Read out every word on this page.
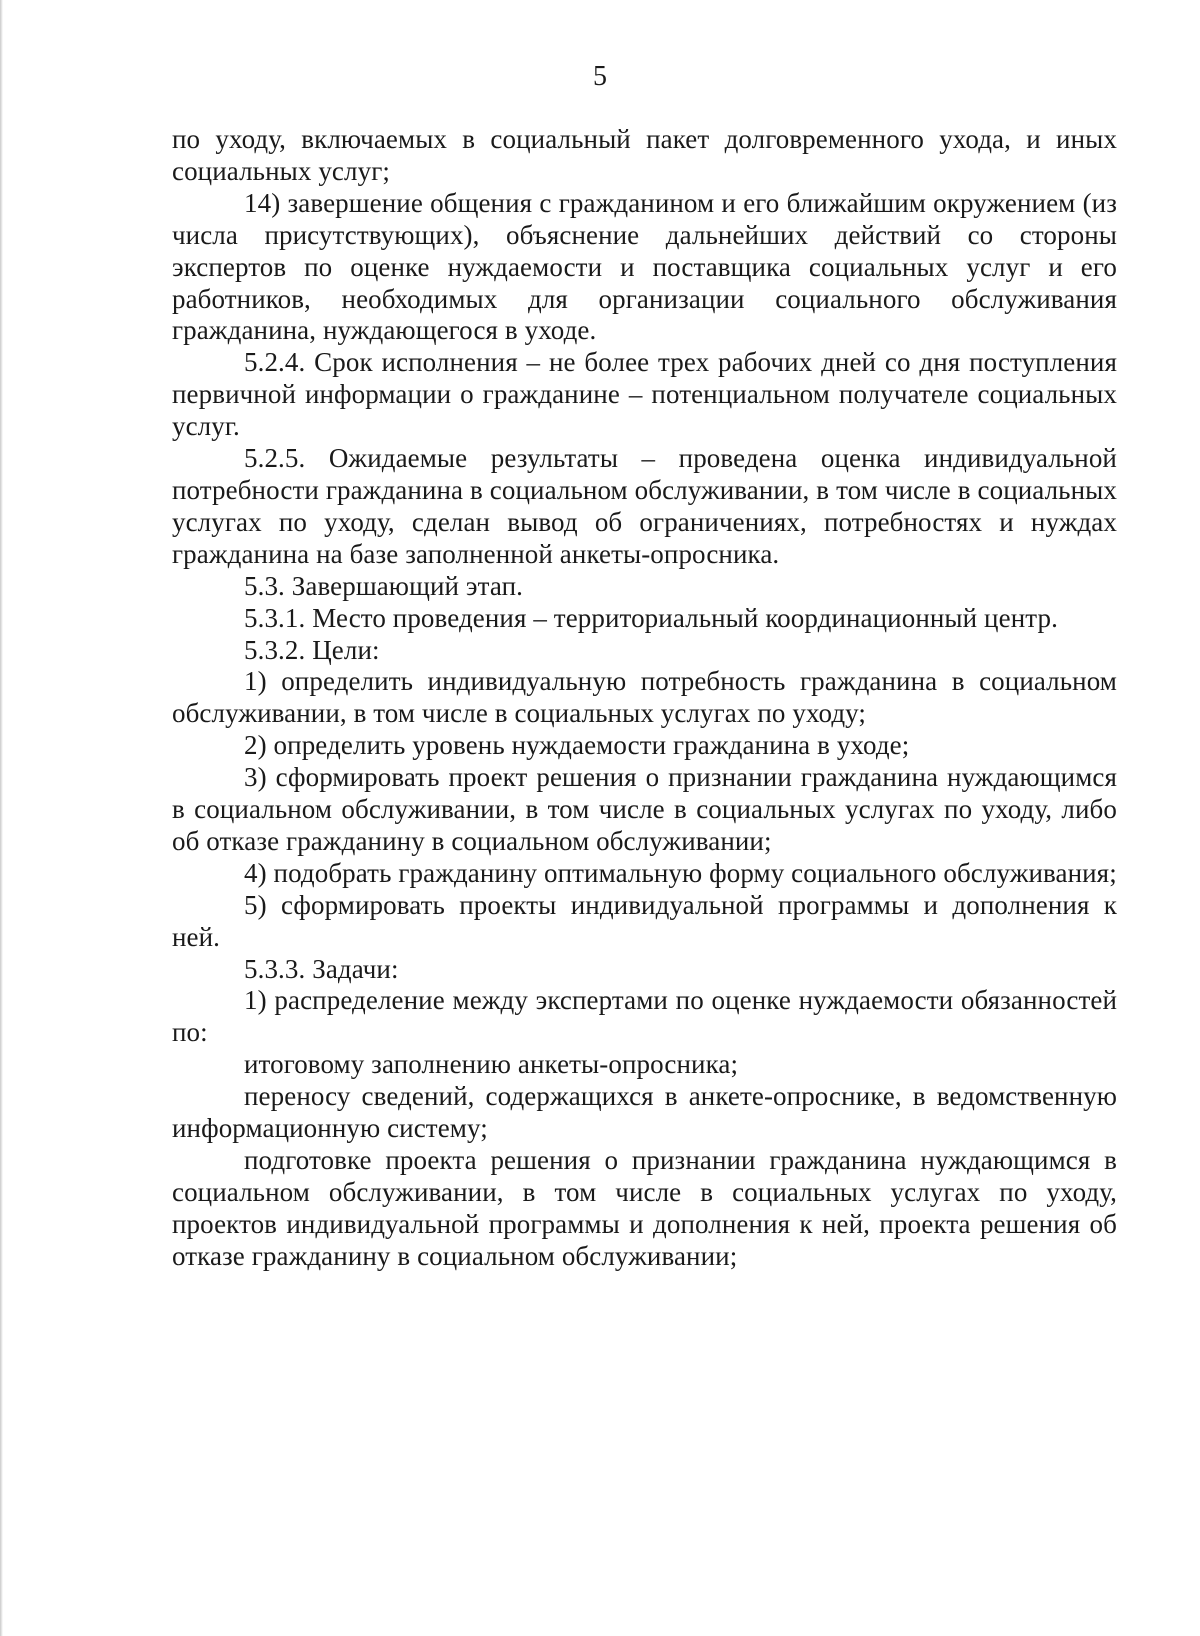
5

по уходу, включаемых в социальный пакет долговременного ухода, и иных социальных услуг;

14) завершение общения с гражданином и его ближайшим окружением (из числа присутствующих), объяснение дальнейших действий со стороны экспертов по оценке нуждаемости и поставщика социальных услуг и его работников, необходимых для организации социального обслуживания гражданина, нуждающегося в уходе.

5.2.4. Срок исполнения – не более трех рабочих дней со дня поступления первичной информации о гражданине – потенциальном получателе социальных услуг.

5.2.5. Ожидаемые результаты – проведена оценка индивидуальной потребности гражданина в социальном обслуживании, в том числе в социальных услугах по уходу, сделан вывод об ограничениях, потребностях и нуждах гражданина на базе заполненной анкеты-опросника.

5.3. Завершающий этап.

5.3.1. Место проведения – территориальный координационный центр.

5.3.2. Цели:

1) определить индивидуальную потребность гражданина в социальном обслуживании, в том числе в социальных услугах по уходу;

2) определить уровень нуждаемости гражданина в уходе;

3) сформировать проект решения о признании гражданина нуждающимся в социальном обслуживании, в том числе в социальных услугах по уходу, либо об отказе гражданину в социальном обслуживании;

4) подобрать гражданину оптимальную форму социального обслуживания;

5) сформировать проекты индивидуальной программы и дополнения к ней.

5.3.3. Задачи:

1) распределение между экспертами по оценке нуждаемости обязанностей по:

итоговому заполнению анкеты-опросника;

переносу сведений, содержащихся в анкете-опроснике, в ведомственную информационную систему;

подготовке проекта решения о признании гражданина нуждающимся в социальном обслуживании, в том числе в социальных услугах по уходу, проектов индивидуальной программы и дополнения к ней, проекта решения об отказе гражданину в социальном обслуживании;
